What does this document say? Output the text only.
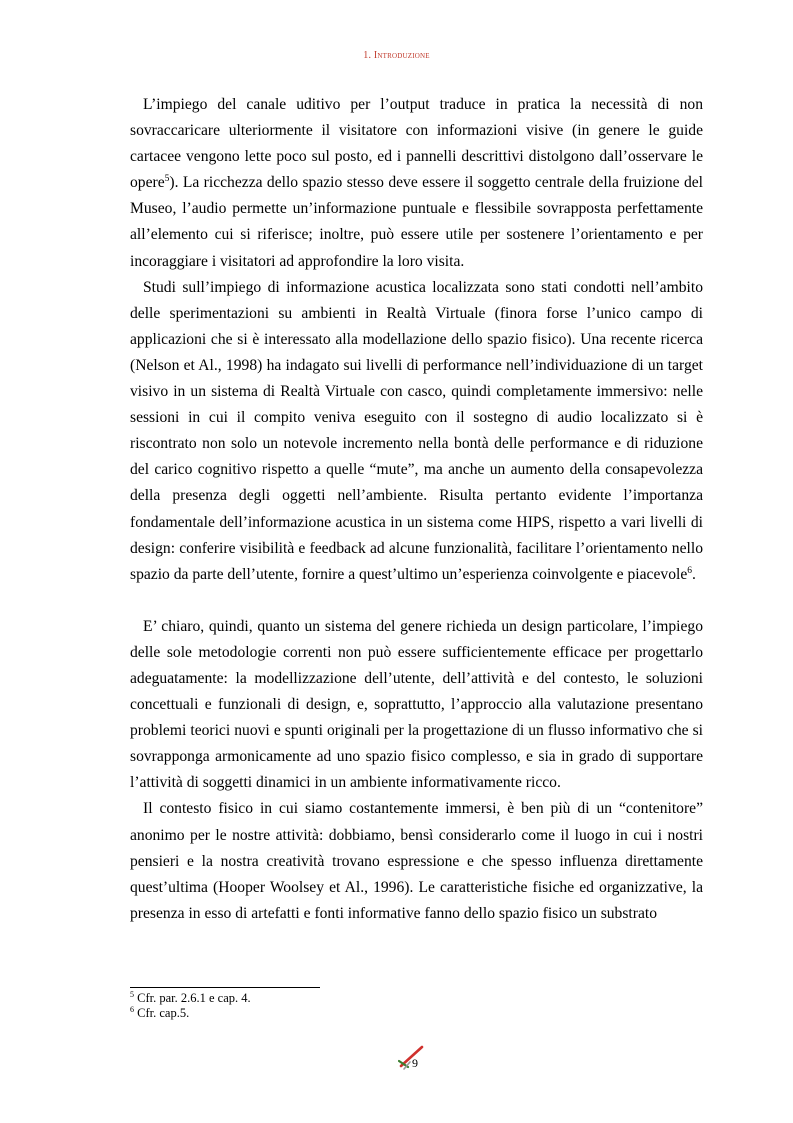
1. Introduzione

L’impiego del canale uditivo per l’output traduce in pratica la necessità di non sovraccaricare ulteriormente il visitatore con informazioni visive (in genere le guide cartacee vengono lette poco sul posto, ed i pannelli descrittivi distolgono dall’osservare le opere$^5$). La ricchezza dello spazio stesso deve essere il soggetto centrale della fruizione del Museo, l’audio permette un’informazione puntuale e flessibile sovrapposta perfettamente all’elemento cui si riferisce; inoltre, può essere utile per sostenere l’orientamento e per incoraggiare i visitatori ad approfondire la loro visita.

Studi sull’impiego di informazione acustica localizzata sono stati condotti nell’ambito delle sperimentazioni su ambienti in Realtà Virtuale (finora forse l’unico campo di applicazioni che si è interessato alla modellazione dello spazio fisico). Una recente ricerca (Nelson et Al., 1998) ha indagato sui livelli di performance nell’individuazione di un target visivo in un sistema di Realtà Virtuale con casco, quindi completamente immersivo: nelle sessioni in cui il compito veniva eseguito con il sostegno di audio localizzato si è riscontrato non solo un notevole incremento nella bontà delle performance e di riduzione del carico cognitivo rispetto a quelle “mute”, ma anche un aumento della consapevolezza della presenza degli oggetti nell’ambiente. Risulta pertanto evidente l’importanza fondamentale dell’informazione acustica in un sistema come HIPS, rispetto a vari livelli di design: conferire visibilità e feedback ad alcune funzionalità, facilitare l’orientamento nello spazio da parte dell’utente, fornire a quest’ultimo un’esperienza coinvolgente e piacevole$^6$.

E’ chiaro, quindi, quanto un sistema del genere richieda un design particolare, l’impiego delle sole metodologie correnti non può essere sufficientemente efficace per progettarlo adeguatamente: la modellizzazione dell’utente, dell’attività e del contesto, le soluzioni concettuali e funzionali di design, e, soprattutto, l’approccio alla valutazione presentano problemi teorici nuovi e spunti originali per la progettazione di un flusso informativo che si sovrapponga armonicamente ad uno spazio fisico complesso, e sia in grado di supportare l’attività di soggetti dinamici in un ambiente informativamente ricco.

Il contesto fisico in cui siamo costantemente immersi, è ben più di un “contenitore” anonimo per le nostre attività: dobbiamo, bensì considerarlo come il luogo in cui i nostri pensieri e la nostra creatività trovano espressione e che spesso influenza direttamente quest’ultima (Hooper Woolsey et Al., 1996). Le caratteristiche fisiche ed organizzative, la presenza in esso di artefatti e fonti informative fanno dello spazio fisico un substrato

$^5$ Cfr. par. 2.6.1 e cap. 4.
$^6$ Cfr. cap.5.
9
